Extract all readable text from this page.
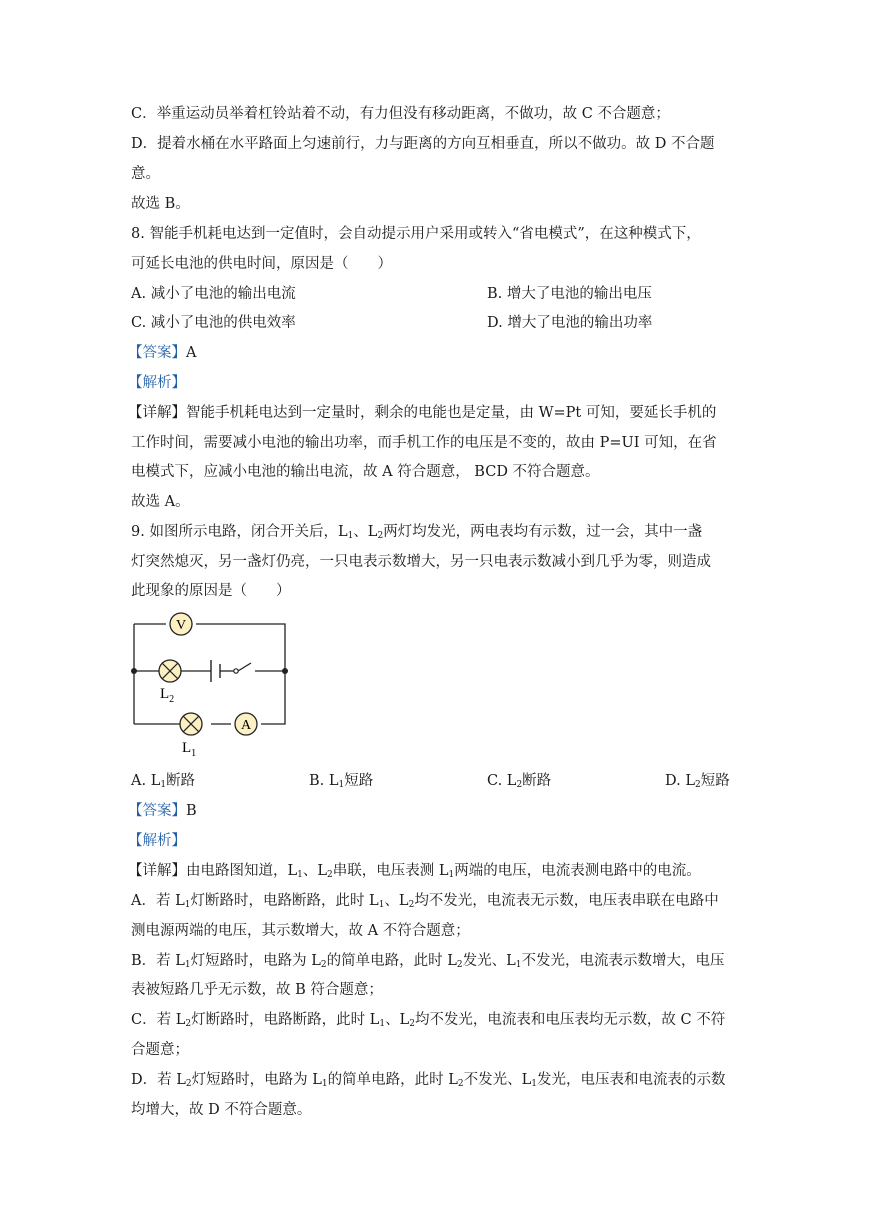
C．举重运动员举着杠铃站着不动，有力但没有移动距离，不做功，故 C 不合题意；
D．提着水桶在水平路面上匀速前行，力与距离的方向互相垂直，所以不做功。故 D 不合题
意。
故选 B。
8. 智能手机耗电达到一定值时，会自动提示用户采用或转入“省电模式”，在这种模式下，
可延长电池的供电时间，原因是（　　）
A. 减小了电池的输出电流	B. 增大了电池的输出电压
C. 减小了电池的供电效率	D. 增大了电池的输出功率
【答案】A
【解析】
【详解】智能手机耗电达到一定量时，剩余的电能也是定量，由 W=Pt 可知，要延长手机的
工作时间，需要减小电池的输出功率，而手机工作的电压是不变的，故由 P=UI 可知，在省
电模式下，应减小电池的输出电流，故 A 符合题意， BCD 不符合题意。
故选 A。
9. 如图所示电路，闭合开关后，$L_1$、$L_2$两灯均发光，两电表均有示数，过一会，其中一盏
灯突然熄灭，另一盏灯仍亮，一只电表示数增大，另一只电表示数减小到几乎为零，则造成
此现象的原因是（　　）
V
$L_2$
$L_1$
A
A. $L_1$断路	B. $L_1$短路	C. $L_2$断路	D. $L_2$短路
【答案】B
【解析】
【详解】由电路图知道，$L_1$、$L_2$串联，电压表测 $L_1$两端的电压，电流表测电路中的电流。
A．若 $L_1$灯断路时，电路断路，此时 $L_1$、$L_2$均不发光，电流表无示数，电压表串联在电路中
测电源两端的电压，其示数增大，故 A 不符合题意；
B．若 $L_1$灯短路时，电路为 $L_2$的简单电路，此时 $L_2$发光、$L_1$不发光，电流表示数增大，电压
表被短路几乎无示数，故 B 符合题意；
C．若 $L_2$灯断路时，电路断路，此时 $L_1$、$L_2$均不发光，电流表和电压表均无示数，故 C 不符
合题意；
D．若 $L_2$灯短路时，电路为 $L_1$的简单电路，此时 $L_2$不发光、$L_1$发光，电压表和电流表的示数
均增大，故 D 不符合题意。
